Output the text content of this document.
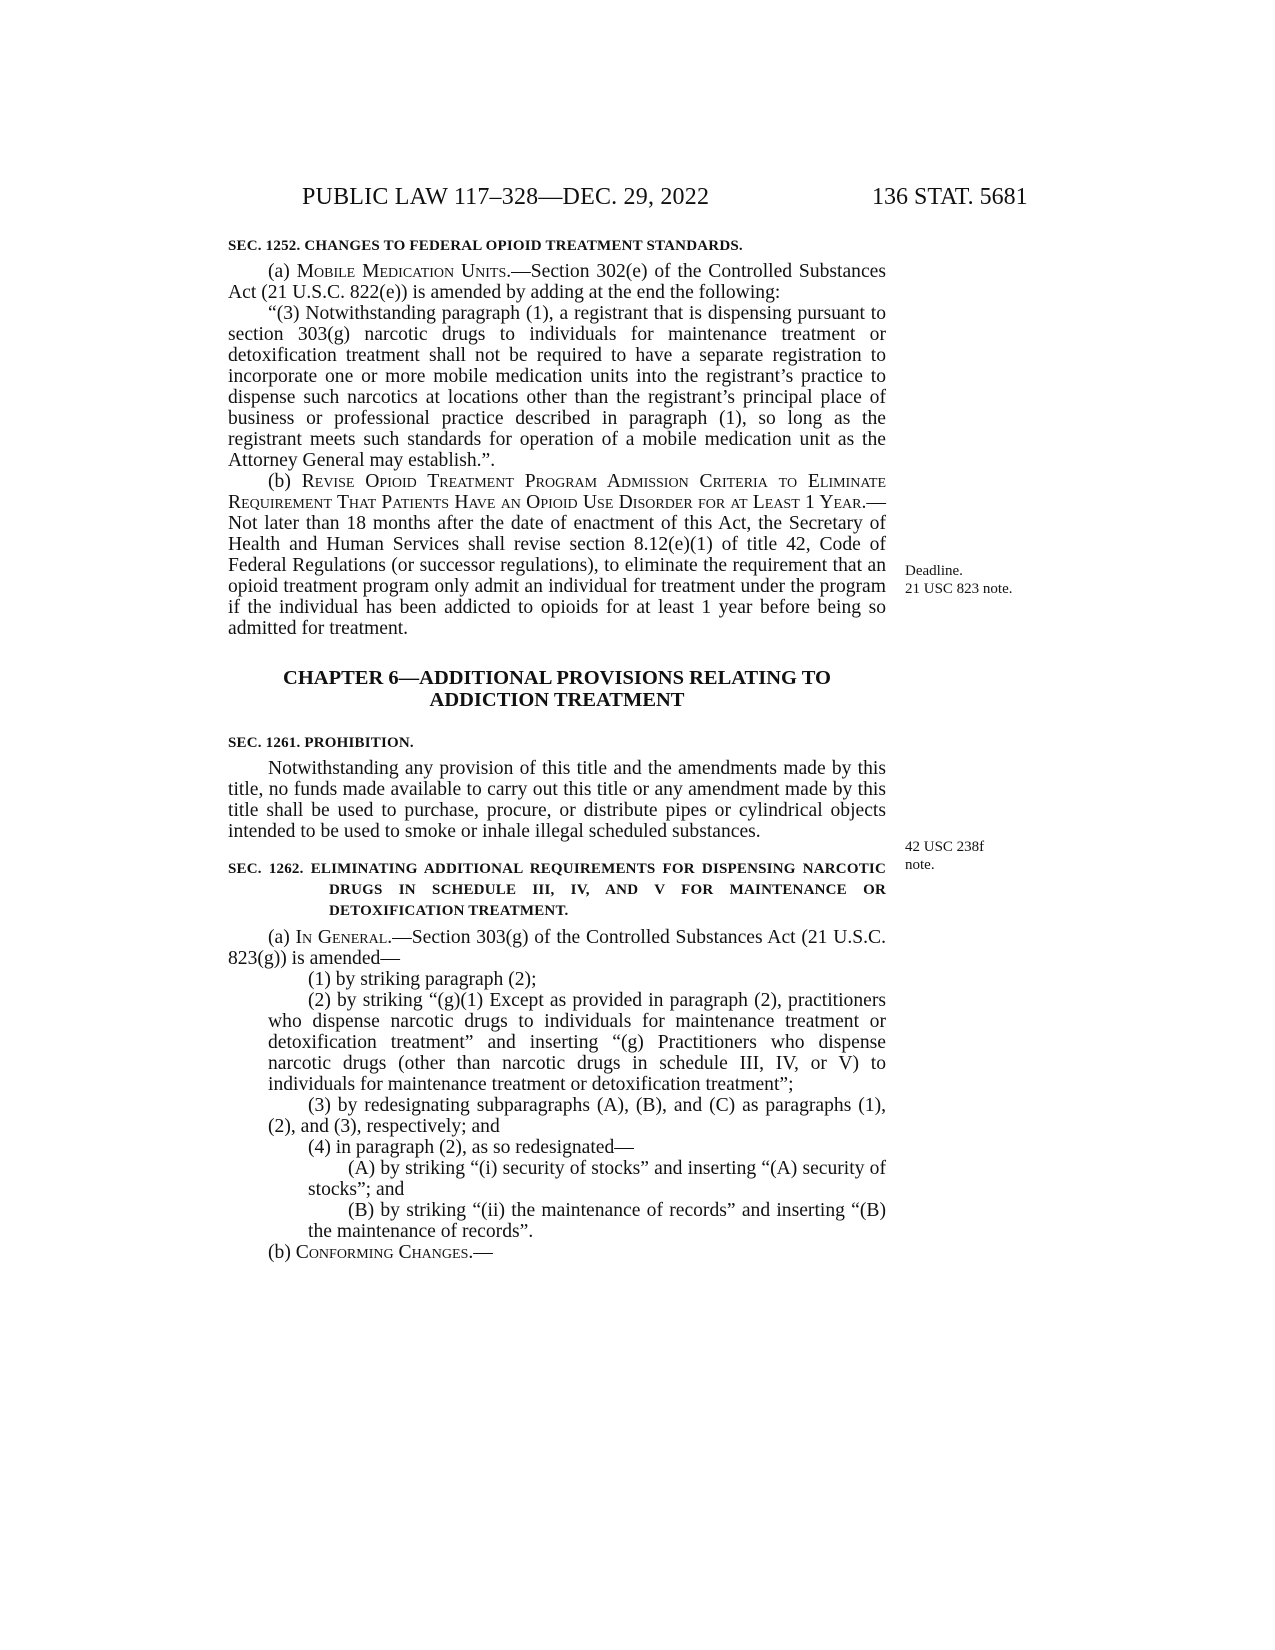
PUBLIC LAW 117–328—DEC. 29, 2022	136 STAT. 5681

SEC. 1252. CHANGES TO FEDERAL OPIOID TREATMENT STANDARDS.

(a) Mobile Medication Units.—Section 302(e) of the Controlled Substances Act (21 U.S.C. 822(e)) is amended by adding at the end the following:

“(3) Notwithstanding paragraph (1), a registrant that is dispensing pursuant to section 303(g) narcotic drugs to individuals for maintenance treatment or detoxification treatment shall not be required to have a separate registration to incorporate one or more mobile medication units into the registrant’s practice to dispense such narcotics at locations other than the registrant’s principal place of business or professional practice described in paragraph (1), so long as the registrant meets such standards for operation of a mobile medication unit as the Attorney General may establish.”.

(b) Revise Opioid Treatment Program Admission Criteria to Eliminate Requirement That Patients Have an Opioid Use Disorder for at Least 1 Year.—Not later than 18 months after the date of enactment of this Act, the Secretary of Health and Human Services shall revise section 8.12(e)(1) of title 42, Code of Federal Regulations (or successor regulations), to eliminate the requirement that an opioid treatment program only admit an individual for treatment under the program if the individual has been addicted to opioids for at least 1 year before being so admitted for treatment.

CHAPTER 6—ADDITIONAL PROVISIONS RELATING TO
ADDICTION TREATMENT

SEC. 1261. PROHIBITION.

Notwithstanding any provision of this title and the amendments made by this title, no funds made available to carry out this title or any amendment made by this title shall be used to purchase, procure, or distribute pipes or cylindrical objects intended to be used to smoke or inhale illegal scheduled substances.

SEC. 1262. ELIMINATING ADDITIONAL REQUIREMENTS FOR DISPENSING NARCOTIC DRUGS IN SCHEDULE III, IV, AND V FOR MAINTENANCE OR DETOXIFICATION TREATMENT.

(a) In General.—Section 303(g) of the Controlled Substances Act (21 U.S.C. 823(g)) is amended—

(1) by striking paragraph (2);

(2) by striking “(g)(1) Except as provided in paragraph (2), practitioners who dispense narcotic drugs to individuals for maintenance treatment or detoxification treatment” and inserting “(g) Practitioners who dispense narcotic drugs (other than narcotic drugs in schedule III, IV, or V) to individuals for maintenance treatment or detoxification treatment”;

(3) by redesignating subparagraphs (A), (B), and (C) as paragraphs (1), (2), and (3), respectively; and

(4) in paragraph (2), as so redesignated—

(A) by striking “(i) security of stocks” and inserting “(A) security of stocks”; and

(B) by striking “(ii) the maintenance of records” and inserting “(B) the maintenance of records”.

(b) Conforming Changes.—

Deadline.
21 USC 823 note.
42 USC 238f
note.
